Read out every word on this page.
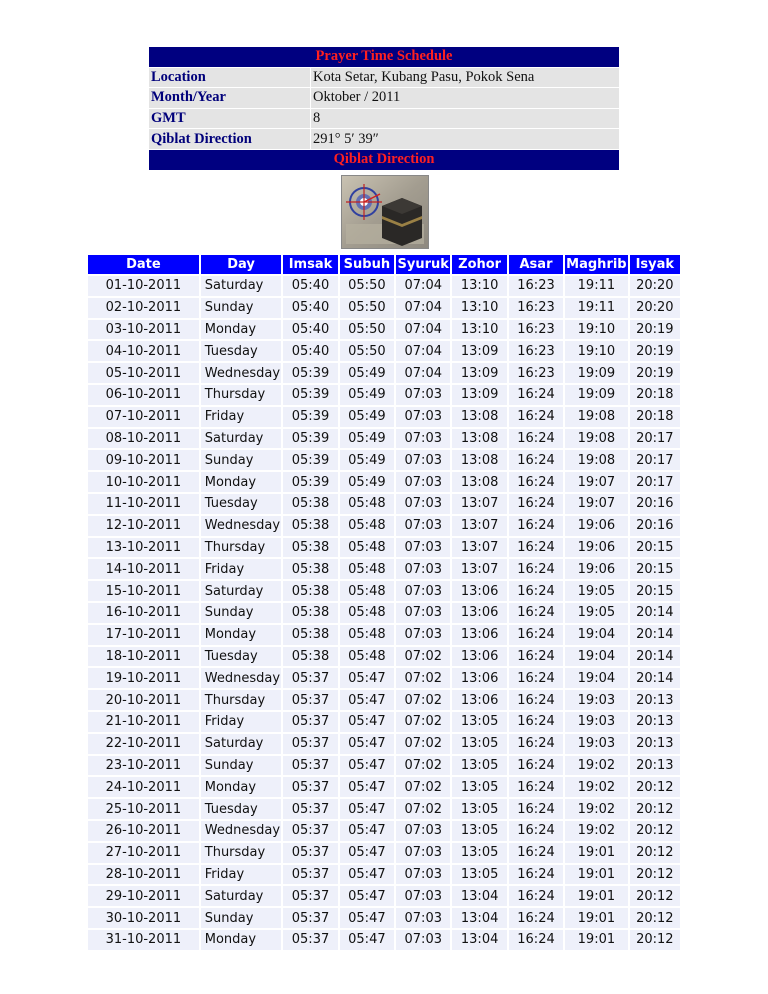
Prayer Time Schedule	
Location	Kota Setar, Kubang Pasu, Pokok Sena
Month/Year	Oktober / 2011
GMT	8
Qiblat Direction	291° 5′ 39″
Qiblat Direction	
Date	Day	Imsak	Subuh	Syuruk	Zohor	Asar	Maghrib	Isyak
01-10-2011	Saturday	05:40	05:50	07:04	13:10	16:23	19:11	20:20
02-10-2011	Sunday	05:40	05:50	07:04	13:10	16:23	19:11	20:20
03-10-2011	Monday	05:40	05:50	07:04	13:10	16:23	19:10	20:19
04-10-2011	Tuesday	05:40	05:50	07:04	13:09	16:23	19:10	20:19
05-10-2011	Wednesday	05:39	05:49	07:04	13:09	16:23	19:09	20:19
06-10-2011	Thursday	05:39	05:49	07:03	13:09	16:24	19:09	20:18
07-10-2011	Friday	05:39	05:49	07:03	13:08	16:24	19:08	20:18
08-10-2011	Saturday	05:39	05:49	07:03	13:08	16:24	19:08	20:17
09-10-2011	Sunday	05:39	05:49	07:03	13:08	16:24	19:08	20:17
10-10-2011	Monday	05:39	05:49	07:03	13:08	16:24	19:07	20:17
11-10-2011	Tuesday	05:38	05:48	07:03	13:07	16:24	19:07	20:16
12-10-2011	Wednesday	05:38	05:48	07:03	13:07	16:24	19:06	20:16
13-10-2011	Thursday	05:38	05:48	07:03	13:07	16:24	19:06	20:15
14-10-2011	Friday	05:38	05:48	07:03	13:07	16:24	19:06	20:15
15-10-2011	Saturday	05:38	05:48	07:03	13:06	16:24	19:05	20:15
16-10-2011	Sunday	05:38	05:48	07:03	13:06	16:24	19:05	20:14
17-10-2011	Monday	05:38	05:48	07:03	13:06	16:24	19:04	20:14
18-10-2011	Tuesday	05:38	05:48	07:02	13:06	16:24	19:04	20:14
19-10-2011	Wednesday	05:37	05:47	07:02	13:06	16:24	19:04	20:14
20-10-2011	Thursday	05:37	05:47	07:02	13:06	16:24	19:03	20:13
21-10-2011	Friday	05:37	05:47	07:02	13:05	16:24	19:03	20:13
22-10-2011	Saturday	05:37	05:47	07:02	13:05	16:24	19:03	20:13
23-10-2011	Sunday	05:37	05:47	07:02	13:05	16:24	19:02	20:13
24-10-2011	Monday	05:37	05:47	07:02	13:05	16:24	19:02	20:12
25-10-2011	Tuesday	05:37	05:47	07:02	13:05	16:24	19:02	20:12
26-10-2011	Wednesday	05:37	05:47	07:03	13:05	16:24	19:02	20:12
27-10-2011	Thursday	05:37	05:47	07:03	13:05	16:24	19:01	20:12
28-10-2011	Friday	05:37	05:47	07:03	13:05	16:24	19:01	20:12
29-10-2011	Saturday	05:37	05:47	07:03	13:04	16:24	19:01	20:12
30-10-2011	Sunday	05:37	05:47	07:03	13:04	16:24	19:01	20:12
31-10-2011	Monday	05:37	05:47	07:03	13:04	16:24	19:01	20:12
